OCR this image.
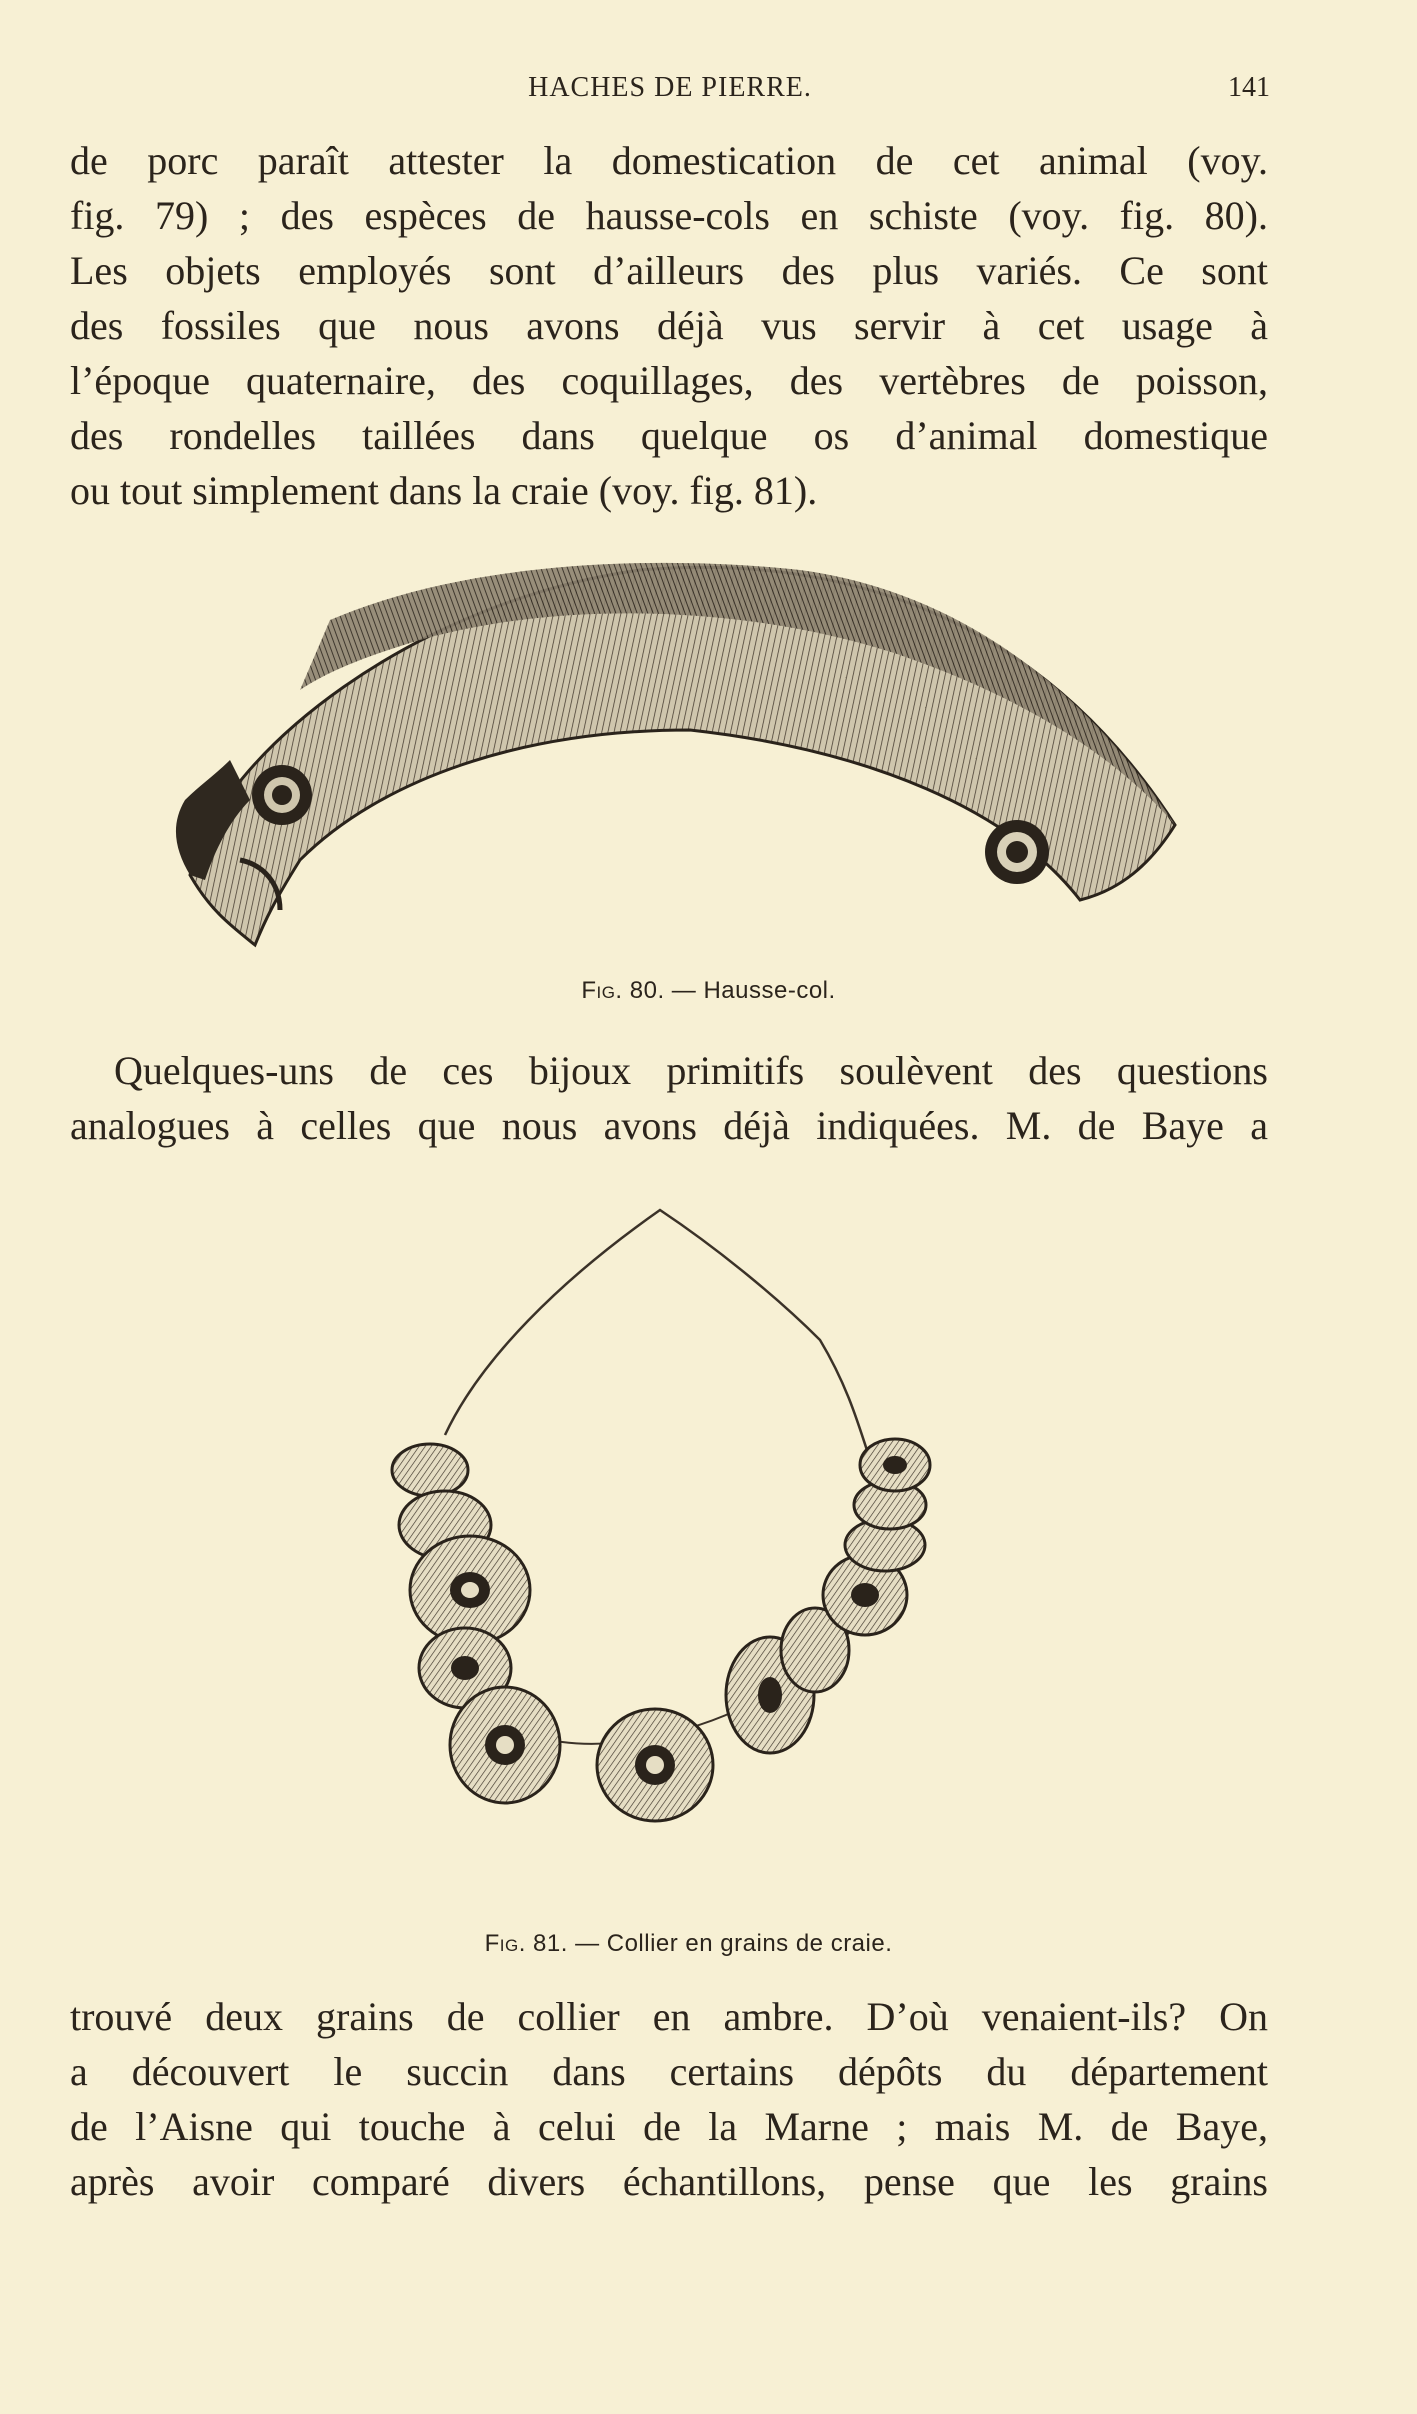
HACHES DE PIERRE.	141

de porc paraît attester la domestication de cet animal (voy.
fig. 79) ; des espèces de hausse-cols en schiste (voy. fig. 80).
Les objets employés sont d’ailleurs des plus variés. Ce sont
des fossiles que nous avons déjà vus servir à cet usage à
l’époque quaternaire, des coquillages, des vertèbres de poisson,
des rondelles taillées dans quelque os d’animal domestique
ou tout simplement dans la craie (voy. fig. 81).

Fig. 80. — Hausse-col.

Quelques-uns de ces bijoux primitifs soulèvent des questions
analogues à celles que nous avons déjà indiquées. M. de Baye a

Fig. 81. — Collier en grains de craie.

trouvé deux grains de collier en ambre. D’où venaient-ils? On
a découvert le succin dans certains dépôts du département
de l’Aisne qui touche à celui de la Marne ; mais M. de Baye,
après avoir comparé divers échantillons, pense que les grains
